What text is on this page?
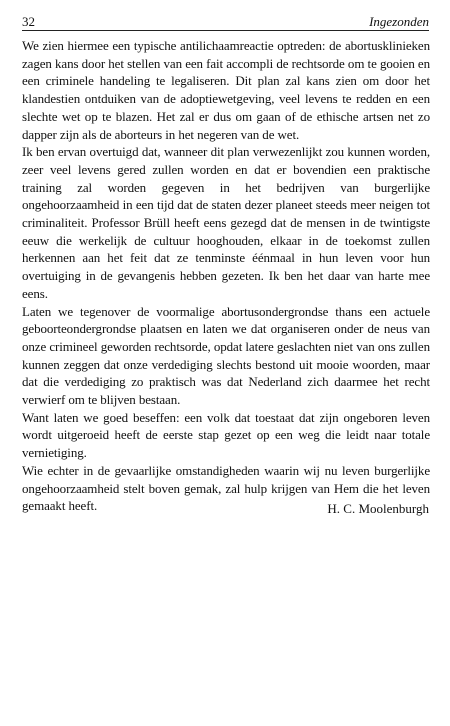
32	Ingezonden

We zien hiermee een typische antilichaamreactie optreden: de abortusklinieken zagen kans door het stellen van een fait accompli de rechtsorde om te gooien en een criminele handeling te legaliseren. Dit plan zal kans zien om door het klandestien ontduiken van de adoptiewetgeving, veel levens te redden en een slechte wet op te blazen. Het zal er dus om gaan of de ethische artsen net zo dapper zijn als de aborteurs in het negeren van de wet.

Ik ben ervan overtuigd dat, wanneer dit plan verwezenlijkt zou kunnen worden, zeer veel levens gered zullen worden en dat er bovendien een praktische training zal worden gegeven in het bedrijven van burgerlijke ongehoorzaamheid in een tijd dat de staten dezer planeet steeds meer neigen tot criminaliteit. Professor Brüll heeft eens gezegd dat de mensen in de twintigste eeuw die werkelijk de cultuur hooghouden, elkaar in de toekomst zullen herkennen aan het feit dat ze tenminste éénmaal in hun leven voor hun overtuiging in de gevangenis hebben gezeten. Ik ben het daar van harte mee eens.

Laten we tegenover de voormalige abortusondergrondse thans een actuele geboorteondergrondse plaatsen en laten we dat organiseren onder de neus van onze crimineel geworden rechtsorde, opdat latere geslachten niet van ons zullen kunnen zeggen dat onze verdediging slechts bestond uit mooie woorden, maar dat die verdediging zo praktisch was dat Nederland zich daarmee het recht verwierf om te blijven bestaan.

Want laten we goed beseffen: een volk dat toestaat dat zijn ongeboren leven wordt uitgeroeid heeft de eerste stap gezet op een weg die leidt naar totale vernietiging.

Wie echter in de gevaarlijke omstandigheden waarin wij nu leven burgerlijke ongehoorzaamheid stelt boven gemak, zal hulp krijgen van Hem die het leven gemaakt heeft.	H. C. Moolenburgh
